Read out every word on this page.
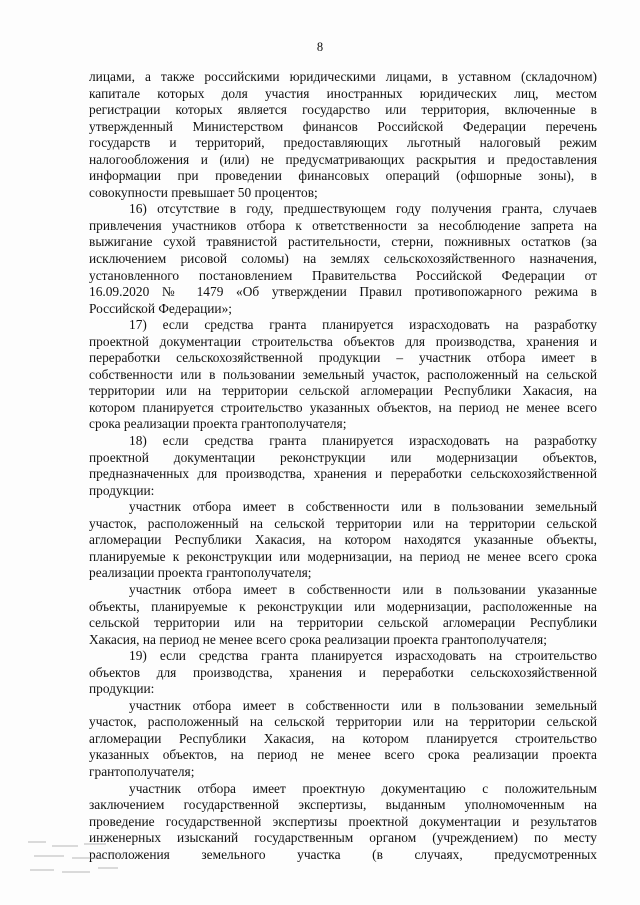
8
лицами, а также российскими юридическими лицами, в уставном (складочном)
капитале которых доля участия иностранных юридических лиц, местом
регистрации которых является государство или территория, включенные в
утвержденный Министерством финансов Российской Федерации перечень
государств и территорий, предоставляющих льготный налоговый режим
налогообложения и (или) не предусматривающих раскрытия и предоставления
информации при проведении финансовых операций (офшорные зоны), в
совокупности превышает 50 процентов;
16) отсутствие в году, предшествующем году получения гранта, случаев
привлечения участников отбора к ответственности за несоблюдение запрета на
выжигание сухой травянистой растительности, стерни, пожнивных остатков (за
исключением рисовой соломы) на землях сельскохозяйственного назначения,
установленного постановлением Правительства Российской Федерации от
16.09.2020 № 1479 «Об утверждении Правил противопожарного режима в
Российской Федерации»;
17) если средства гранта планируется израсходовать на разработку
проектной документации строительства объектов для производства, хранения и
переработки сельскохозяйственной продукции – участник отбора имеет в
собственности или в пользовании земельный участок, расположенный на сельской
территории или на территории сельской агломерации Республики Хакасия, на
котором планируется строительство указанных объектов, на период не менее всего
срока реализации проекта грантополучателя;
18) если средства гранта планируется израсходовать на разработку
проектной документации реконструкции или модернизации объектов,
предназначенных для производства, хранения и переработки сельскохозяйственной
продукции:
участник отбора имеет в собственности или в пользовании земельный
участок, расположенный на сельской территории или на территории сельской
агломерации Республики Хакасия, на котором находятся указанные объекты,
планируемые к реконструкции или модернизации, на период не менее всего срока
реализации проекта грантополучателя;
участник отбора имеет в собственности или в пользовании указанные
объекты, планируемые к реконструкции или модернизации, расположенные на
сельской территории или на территории сельской агломерации Республики
Хакасия, на период не менее всего срока реализации проекта грантополучателя;
19) если средства гранта планируется израсходовать на строительство
объектов для производства, хранения и переработки сельскохозяйственной
продукции:
участник отбора имеет в собственности или в пользовании земельный
участок, расположенный на сельской территории или на территории сельской
агломерации Республики Хакасия, на котором планируется строительство
указанных объектов, на период не менее всего срока реализации проекта
грантополучателя;
участник отбора имеет проектную документацию с положительным
заключением государственной экспертизы, выданным уполномоченным на
проведение государственной экспертизы проектной документации и результатов
инженерных изысканий государственным органом (учреждением) по месту
расположения земельного участка (в случаях, предусмотренных
